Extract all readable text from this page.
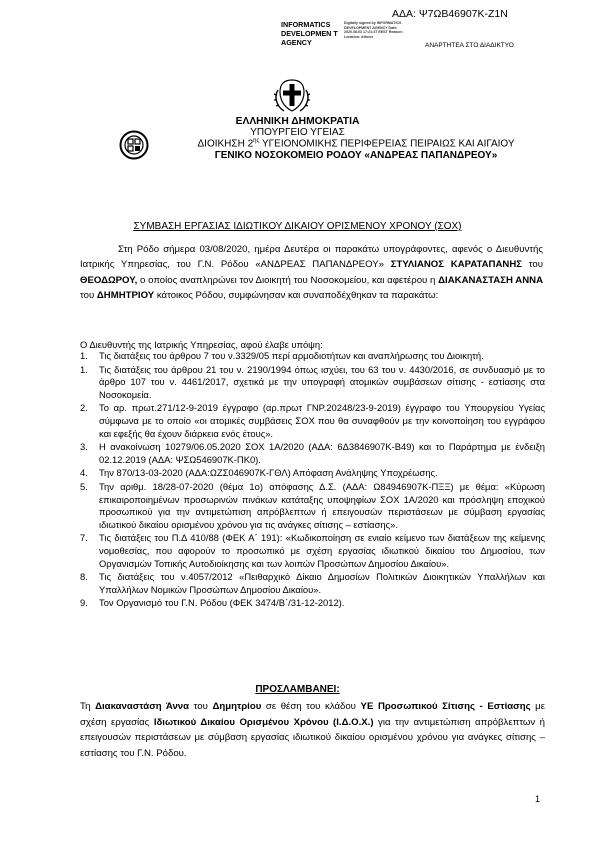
ΑΔΑ: Ψ7ΩΒ46907Κ-Ζ1Ν
INFORMATICS DEVELOPMEN T AGENCY
Digitally signed by INFORMATICS DEVELOPMENT AGENCY Date: 2020.08.03 17:21:37 EEST Reason: Location: Athens
ΑΝΑΡΤΗΤΕΑ ΣΤΟ ΔΙΑΔΙΚΤΥΟ
ΕΛΛΗΝΙΚΗ ΔΗΜΟΚΡΑΤΙΑ
ΥΠΟΥΡΓΕΙΟ ΥΓΕΙΑΣ
ΔΙΟΙΚΗΣΗ $2^{\eta\varsigma}$ ΥΓΕΙΟΝΟΜΙΚΗΣ ΠΕΡΙΦΕΡΕΙΑΣ ΠΕΙΡΑΙΩΣ ΚΑΙ ΑΙΓΑΙΟΥ
ΓΕΝΙΚΟ ΝΟΣΟΚΟΜΕΙΟ ΡΟΔΟΥ «ΑΝΔΡΕΑΣ ΠΑΠΑΝΔΡΕΟΥ»
ΣΥΜΒΑΣΗ ΕΡΓΑΣΙΑΣ ΙΔΙΩΤΙΚΟΥ ΔΙΚΑΙΟΥ ΟΡΙΣΜΕΝΟΥ ΧΡΟΝΟΥ (ΣΟΧ)
Στη Ρόδο σήμερα 03/08/2020, ημέρα Δευτέρα οι παρακάτω υπογράφοντες, αφενός ο Διευθυντής Ιατρικής Υπηρεσίας, του Γ.Ν. Ρόδου «ΑΝΔΡΕΑΣ ΠΑΠΑΝΔΡΕΟΥ» ΣΤΥΛΙΑΝΟΣ ΚΑΡΑΤΑΠΑΝΗΣ του ΘΕΟΔΩΡΟΥ, ο οποίος αναπληρώνει τον Διοικητή του Νοσοκομείου, και αφετέρου η ΔΙΑΚΑΝΑΣΤΑΣΗ ΑΝΝΑ του ΔΗΜΗΤΡΙΟΥ κάτοικος Ρόδου, συμφώνησαν και συναποδέχθηκαν τα παρακάτω:
Ο Διευθυντής της Ιατρικής Υπηρεσίας, αφού έλαβε υπόψη:
1. Τις διατάξεις του άρθρου 7 του ν.3329/05 περί αρμοδιοτήτων και αναπλήρωσης του Διοικητή.
1. Τις διατάξεις του άρθρου 21 του ν. 2190/1994 όπως ισχύει, του 63 του ν. 4430/2016, σε συνδυασμό με το άρθρο 107 του ν. 4461/2017, σχετικά με την υπογραφή ατομικών συμβάσεων σίτισης - εστίασης στα Νοσοκομεία.
2. Το αρ. πρωτ.271/12-9-2019 έγγραφο (αρ.πρωτ ΓΝΡ.20248/23-9-2019) έγγραφο του Υπουργείου Υγείας σύμφωνα με το οποίο «οι ατομικές συμβάσεις ΣΟΧ που θα συναφθούν με την κοινοποίηση του εγγράφου και εφεξής θα έχουν διάρκεια ενός έτους».
3. Η ανακοίνωση 10279/06.05.2020 ΣΟΧ 1Α/2020 (ΑΔΑ: 6Δ3846907Κ-Β49) και το Παράρτημα με ένδειξη 02.12.2019 (ΑΔΑ: ΨΣΩ546907Κ-ΠΚ0).
4. Την 870/13-03-2020 (ΑΔΑ:ΩΖΣ046907Κ-ΓΘΛ) Απόφαση Ανάληψης Υποχρέωσης.
5. Την αριθμ. 18/28-07-2020 (θέμα 1ο) απόφασης Δ.Σ. (ΑΔΑ: Ω84946907Κ-ΠΞΞ) με θέμα: «Κύρωση επικαιροποιημένων προσωρινών πινάκων κατάταξης υποψηφίων ΣΟΧ 1Α/2020 και πρόσληψη εποχικού προσωπικού για την αντιμετώπιση απρόβλεπτων ή επειγουσών περιστάσεων με σύμβαση εργασίας ιδιωτικού δικαίου ορισμένου χρόνου για τις ανάγκες σίτισης – εστίασης».
7. Τις διατάξεις του Π.Δ 410/88 (ΦΕΚ Α΄ 191): «Κωδικοποίηση σε ενιαίο κείμενο των διατάξεων της κείμενης νομοθεσίας, που αφορούν το προσωπικό με σχέση εργασίας ιδιωτικού δικαίου του Δημοσίου, των Οργανισμών Τοπικής Αυτοδιοίκησης και των λοιπών Προσώπων Δημοσίου Δικαίου».
8. Τις διατάξεις του ν.4057/2012 «Πειθαρχικό Δίκαιο Δημοσίων Πολιτικών Διοικητικών Υπαλλήλων και Υπαλλήλων Νομικών Προσώπων Δημοσίου Δικαίου».
9. Τον Οργανισμό του Γ.Ν. Ρόδου (ΦΕΚ 3474/Β΄/31-12-2012).
ΠΡΟΣΛΑΜΒΑΝΕΙ:
Τη Διακαναστάση Άννα του Δημητρίου σε θέση του κλάδου ΥΕ Προσωπικού Σίτισης - Εστίασης με σχέση εργασίας Ιδιωτικού Δικαίου Ορισμένου Χρόνου (Ι.Δ.Ο.Χ.) για την αντιμετώπιση απρόβλεπτων ή επειγουσών περιστάσεων με σύμβαση εργασίας ιδιωτικού δικαίου ορισμένου χρόνου για ανάγκες σίτισης – εστίασης του Γ.Ν. Ρόδου.
1
